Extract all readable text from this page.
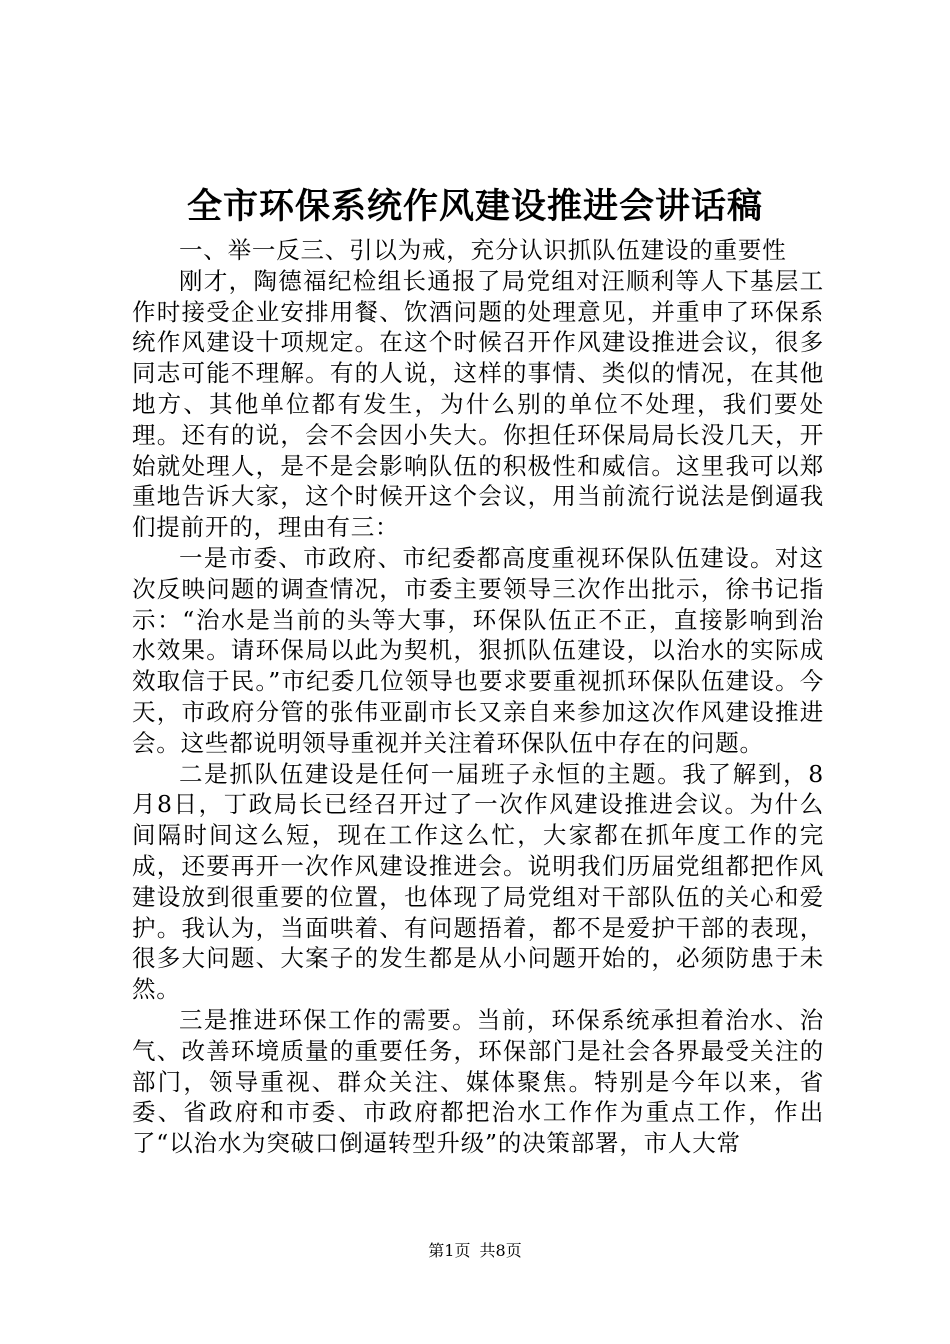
全市环保系统作风建设推进会讲话稿

一、举一反三、引以为戒，充分认识抓队伍建设的重要性

刚才，陶德福纪检组长通报了局党组对汪顺利等人下基层工作时接受企业安排用餐、饮酒问题的处理意见，并重申了环保系统作风建设十项规定。在这个时候召开作风建设推进会议，很多同志可能不理解。有的人说，这样的事情、类似的情况，在其他地方、其他单位都有发生，为什么别的单位不处理，我们要处理。还有的说，会不会因小失大。你担任环保局局长没几天，开始就处理人，是不是会影响队伍的积极性和威信。这里我可以郑重地告诉大家，这个时候开这个会议，用当前流行说法是倒逼我们提前开的，理由有三：

一是市委、市政府、市纪委都高度重视环保队伍建设。对这次反映问题的调查情况，市委主要领导三次作出批示，徐书记指示：“治水是当前的头等大事，环保队伍正不正，直接影响到治水效果。请环保局以此为契机，狠抓队伍建设，以治水的实际成效取信于民。”市纪委几位领导也要求要重视抓环保队伍建设。今天，市政府分管的张伟亚副市长又亲自来参加这次作风建设推进会。这些都说明领导重视并关注着环保队伍中存在的问题。

二是抓队伍建设是任何一届班子永恒的主题。我了解到，8月8日，丁政局长已经召开过了一次作风建设推进会议。为什么间隔时间这么短，现在工作这么忙，大家都在抓年度工作的完成，还要再开一次作风建设推进会。说明我们历届党组都把作风建设放到很重要的位置，也体现了局党组对干部队伍的关心和爱护。我认为，当面哄着、有问题捂着，都不是爱护干部的表现，很多大问题、大案子的发生都是从小问题开始的，必须防患于未然。

三是推进环保工作的需要。当前，环保系统承担着治水、治气、改善环境质量的重要任务，环保部门是社会各界最受关注的部门，领导重视、群众关注、媒体聚焦。特别是今年以来，省委、省政府和市委、市政府都把治水工作作为重点工作，作出了“以治水为突破口倒逼转型升级”的决策部署，市人大常

第1页 共8页
